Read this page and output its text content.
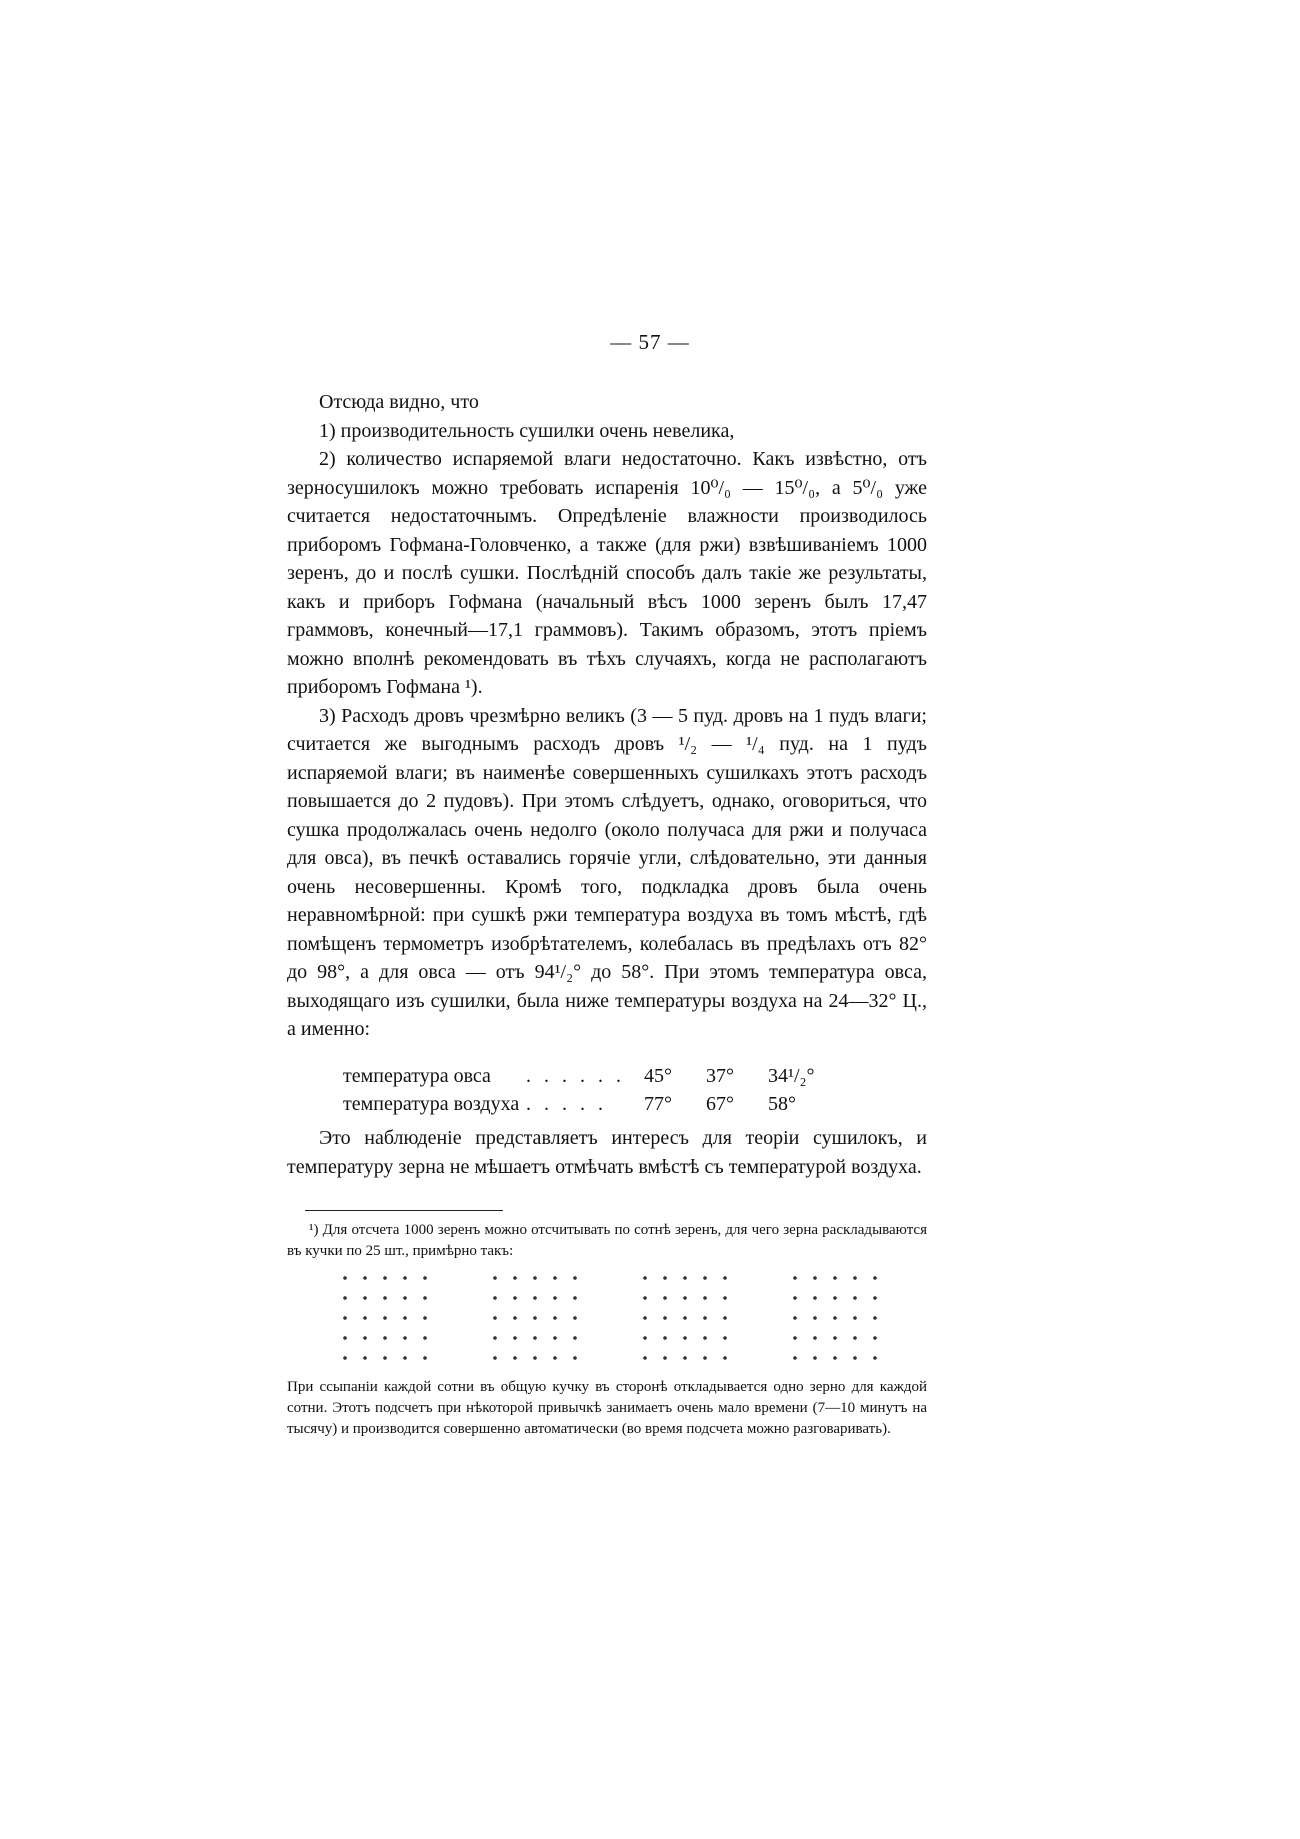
— 57 —

Отсюда видно, что

1) производительность сушилки очень невелика,

2) количество испаряемой влаги недостаточно. Какъ извѣстно, отъ зерносушилокъ можно требовать испаренія 10⁰/₀ — 15⁰/₀, а 5⁰/₀ уже считается недостаточнымъ. Опредѣленіе влажности производилось приборомъ Гофмана-Головченко, а также (для ржи) взвѣшиваніемъ 1000 зеренъ, до и послѣ сушки. Послѣдній способъ далъ такіе же результаты, какъ и приборъ Гофмана (начальный вѣсъ 1000 зеренъ былъ 17,47 граммовъ, конечный—17,1 граммовъ). Такимъ образомъ, этотъ пріемъ можно вполнѣ рекомендовать въ тѣхъ случаяхъ, когда не располагаютъ приборомъ Гофмана ¹).

3) Расходъ дровъ чрезмѣрно великъ (3 — 5 пуд. дровъ на 1 пудъ влаги; считается же выгоднымъ расходъ дровъ ¹/₂ — ¹/₄ пуд. на 1 пудъ испаряемой влаги; въ наименѣе совершенныхъ сушилкахъ этотъ расходъ повышается до 2 пудовъ). При этомъ слѣдуетъ, однако, оговориться, что сушка продолжалась очень недолго (около получаса для ржи и получаса для овса), въ печкѣ оставались горячіе угли, слѣдовательно, эти данныя очень несовершенны. Кромѣ того, подкладка дровъ была очень неравномѣрной: при сушкѣ ржи температура воздуха въ томъ мѣстѣ, гдѣ помѣщенъ термометръ изобрѣтателемъ, колебалась въ предѣлахъ отъ 82° до 98°, а для овса — отъ 94¹/₂° до 58°. При этомъ температура овса, выходящаго изъ сушилки, была ниже температуры воздуха на 24—32° Ц., а именно:

температура овса	. . . . . .	45°	37°	34¹/₂°
температура воздуха	. . . . .	77°	67°	58°

Это наблюденіе представляетъ интересъ для теоріи сушилокъ, и температуру зерна не мѣшаетъ отмѣчать вмѣстѣ съ температурой воздуха.

¹) Для отсчета 1000 зеренъ можно отсчитывать по сотнѣ зеренъ, для чего зерна раскладываются въ кучки по 25 шт., примѣрно такъ:

При ссыпаніи каждой сотни въ общую кучку въ сторонѣ откладывается одно зерно для каждой сотни. Этотъ подсчетъ при нѣкоторой привычкѣ занимаетъ очень мало времени (7—10 минутъ на тысячу) и производится совершенно автоматически (во время подсчета можно разговаривать).
